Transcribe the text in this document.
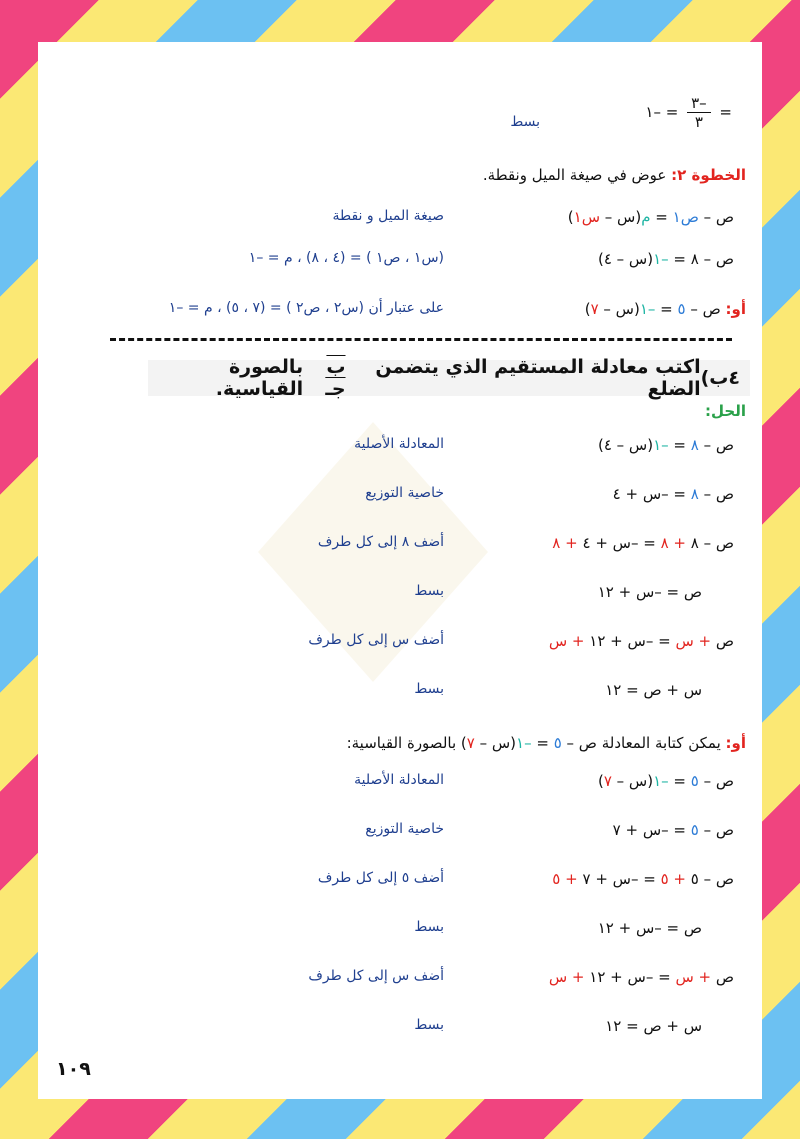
=
$\frac{-٣}{٣}$
= –١
بسط
الخطوة ٢: عوض في صيغة الميل ونقطة.
ص – ص١ = م(س – س١)
صيغة الميل و نقطة
ص – ٨ = –١(س – ٤)
(س١ ، ص١ ) = (٤ ، ٨) ، م = –١
أو: ص – ٥ = –١(س – ٧)
على عتبار أن (س٢ ، ص٢ ) = (٧ ، ٥) ، م = –١
٤ب)
اكتب معادلة المستقيم الذي يتضمن الضلع
ب جـ
بالصورة القياسية.
الحل:
ص – ٨ = –١(س – ٤)
المعادلة الأصلية
ص – ٨ = –س + ٤
خاصية التوزيع
ص – ٨ + ٨ = –س + ٤ + ٨
أضف ٨ إلى كل طرف
ص = –س + ١٢
بسط
ص + س = –س + ١٢ + س
أضف س إلى كل طرف
س + ص = ١٢
بسط
أو: يمكن كتابة المعادلة ص – ٥ = –١(س – ٧) بالصورة القياسية:
ص – ٥ = –١(س – ٧)
المعادلة الأصلية
ص – ٥ = –س + ٧
خاصية التوزيع
ص – ٥ + ٥ = –س + ٧ + ٥
أضف ٥ إلى كل طرف
ص = –س + ١٢
بسط
ص + س = –س + ١٢ + س
أضف س إلى كل طرف
س + ص = ١٢
بسط
١٠٩
